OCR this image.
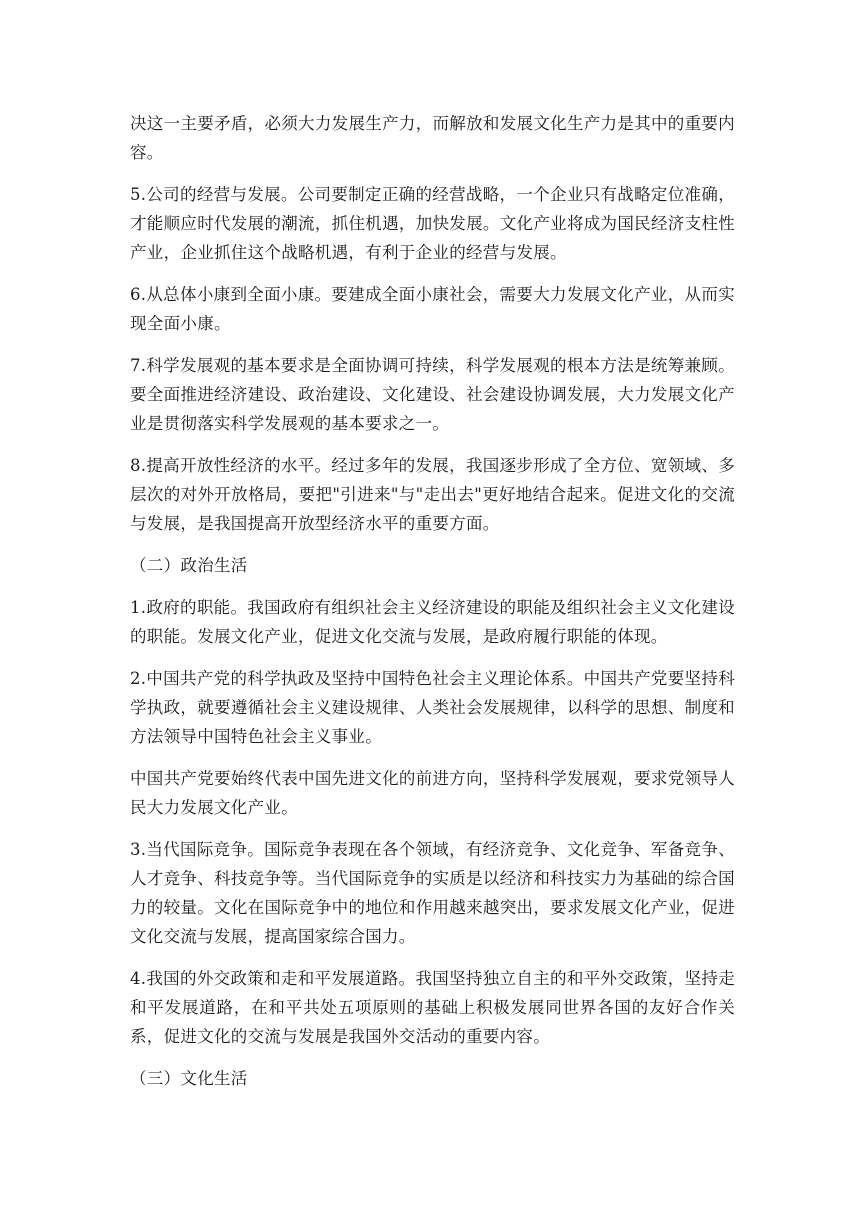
决这一主要矛盾，必须大力发展生产力，而解放和发展文化生产力是其中的重要内容。

5.公司的经营与发展。公司要制定正确的经营战略，一个企业只有战略定位准确，才能顺应时代发展的潮流，抓住机遇，加快发展。文化产业将成为国民经济支柱性产业，企业抓住这个战略机遇，有利于企业的经营与发展。

6.从总体小康到全面小康。要建成全面小康社会，需要大力发展文化产业，从而实现全面小康。

7.科学发展观的基本要求是全面协调可持续，科学发展观的根本方法是统筹兼顾。要全面推进经济建设、政治建设、文化建设、社会建设协调发展，大力发展文化产业是贯彻落实科学发展观的基本要求之一。

8.提高开放性经济的水平。经过多年的发展，我国逐步形成了全方位、宽领域、多层次的对外开放格局，要把"引进来"与"走出去"更好地结合起来。促进文化的交流与发展，是我国提高开放型经济水平的重要方面。

（二）政治生活

1.政府的职能。我国政府有组织社会主义经济建设的职能及组织社会主义文化建设的职能。发展文化产业，促进文化交流与发展，是政府履行职能的体现。

2.中国共产党的科学执政及坚持中国特色社会主义理论体系。中国共产党要坚持科学执政，就要遵循社会主义建设规律、人类社会发展规律，以科学的思想、制度和方法领导中国特色社会主义事业。

中国共产党要始终代表中国先进文化的前进方向，坚持科学发展观，要求党领导人民大力发展文化产业。

3.当代国际竞争。国际竞争表现在各个领域，有经济竞争、文化竞争、军备竞争、人才竞争、科技竞争等。当代国际竞争的实质是以经济和科技实力为基础的综合国力的较量。文化在国际竞争中的地位和作用越来越突出，要求发展文化产业，促进文化交流与发展，提高国家综合国力。

4.我国的外交政策和走和平发展道路。我国坚持独立自主的和平外交政策，坚持走和平发展道路，在和平共处五项原则的基础上积极发展同世界各国的友好合作关系，促进文化的交流与发展是我国外交活动的重要内容。

（三）文化生活
